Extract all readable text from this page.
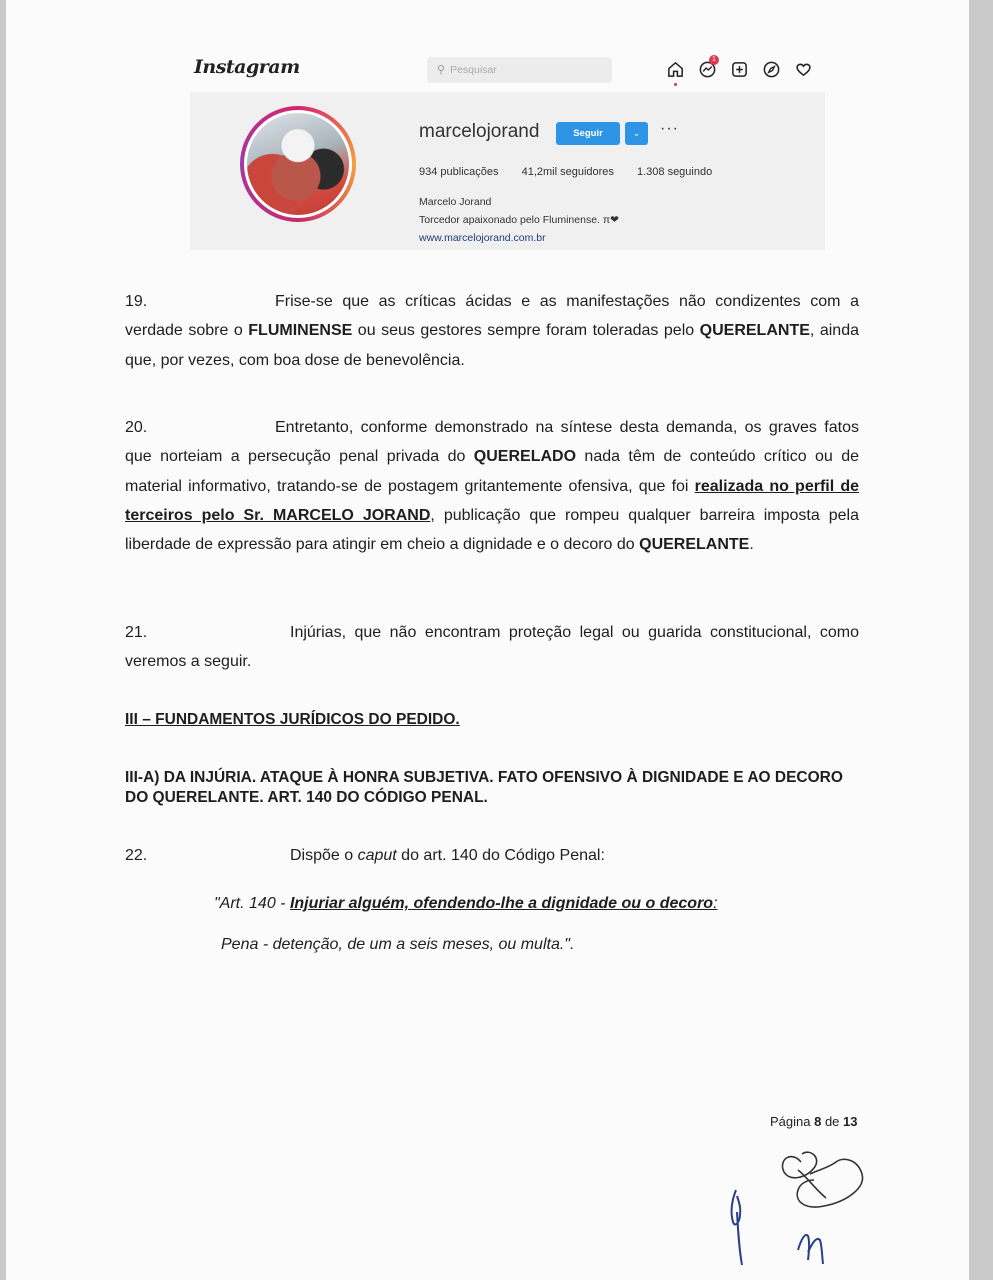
Instagram	⚲ Pesquisar
1
marcelojorand	Seguir	⌄	···
934 publicações 41,2mil seguidores 1.308 seguindo
Marcelo Jorand
Torcedor apaixonado pelo Fluminense. π❤
www.marcelojorand.com.br
19.	Frise-se que as críticas ácidas e as manifestações não condizentes com a verdade sobre o FLUMINENSE ou seus gestores sempre foram toleradas pelo QUERELANTE, ainda que, por vezes, com boa dose de benevolência.
20.	Entretanto, conforme demonstrado na síntese desta demanda, os graves fatos que norteiam a persecução penal privada do QUERELADO nada têm de conteúdo crítico ou de material informativo, tratando-se de postagem gritantemente ofensiva, que foi realizada no perfil de terceiros pelo Sr. MARCELO JORAND, publicação que rompeu qualquer barreira imposta pela liberdade de expressão para atingir em cheio a dignidade e o decoro do QUERELANTE.
21.	Injúrias, que não encontram proteção legal ou guarida constitucional, como veremos a seguir.
III – FUNDAMENTOS JURÍDICOS DO PEDIDO.
III-A) DA INJÚRIA. ATAQUE À HONRA SUBJETIVA. FATO OFENSIVO À DIGNIDADE E AO DECORO DO QUERELANTE. ART. 140 DO CÓDIGO PENAL.
22.	Dispõe o caput do art. 140 do Código Penal:
"Art. 140 - Injuriar alguém, ofendendo-lhe a dignidade ou o decoro:
Pena - detenção, de um a seis meses, ou multa.".
Página 8 de 13
